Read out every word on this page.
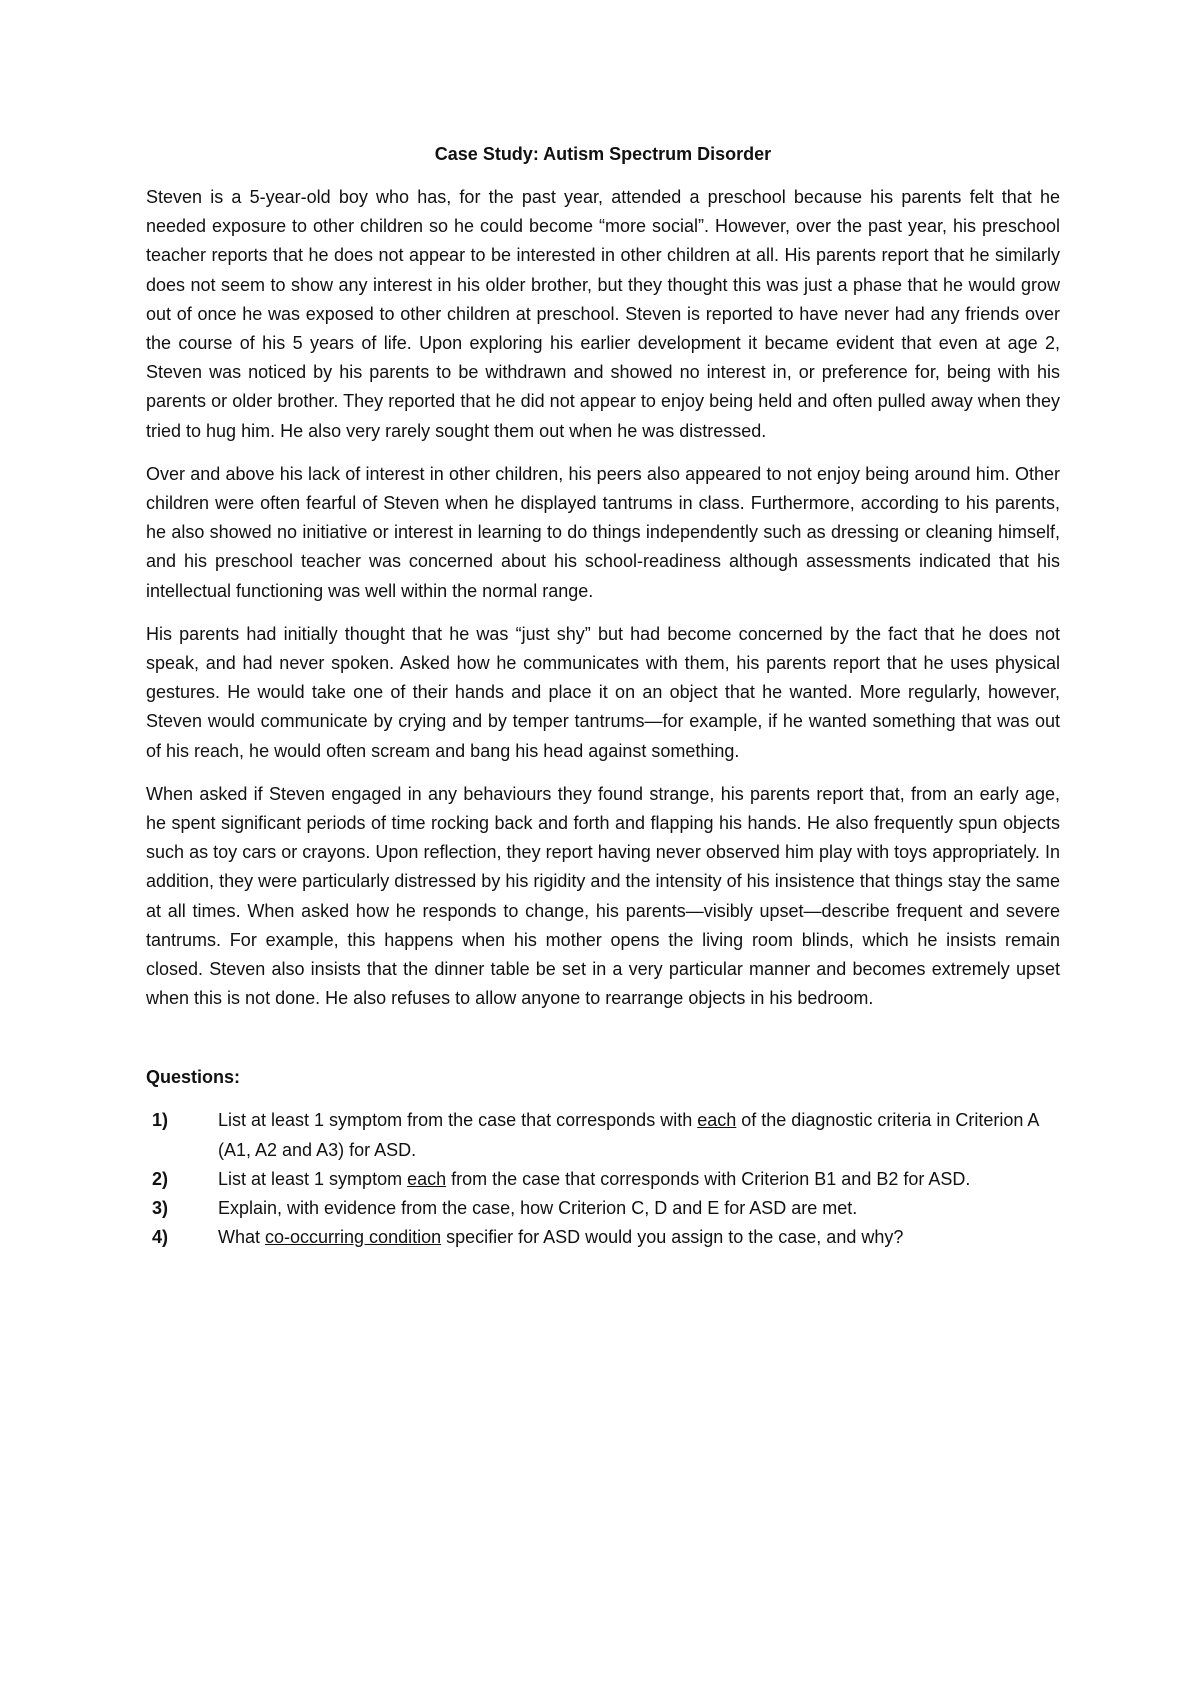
Case Study: Autism Spectrum Disorder

Steven is a 5-year-old boy who has, for the past year, attended a preschool because his parents felt that he needed exposure to other children so he could become “more social”. However, over the past year, his preschool teacher reports that he does not appear to be interested in other children at all. His parents report that he similarly does not seem to show any interest in his older brother, but they thought this was just a phase that he would grow out of once he was exposed to other children at preschool. Steven is reported to have never had any friends over the course of his 5 years of life. Upon exploring his earlier development it became evident that even at age 2, Steven was noticed by his parents to be withdrawn and showed no interest in, or preference for, being with his parents or older brother. They reported that he did not appear to enjoy being held and often pulled away when they tried to hug him. He also very rarely sought them out when he was distressed.

Over and above his lack of interest in other children, his peers also appeared to not enjoy being around him. Other children were often fearful of Steven when he displayed tantrums in class. Furthermore, according to his parents, he also showed no initiative or interest in learning to do things independently such as dressing or cleaning himself, and his preschool teacher was concerned about his school-readiness although assessments indicated that his intellectual functioning was well within the normal range.

His parents had initially thought that he was “just shy” but had become concerned by the fact that he does not speak, and had never spoken. Asked how he communicates with them, his parents report that he uses physical gestures. He would take one of their hands and place it on an object that he wanted. More regularly, however, Steven would communicate by crying and by temper tantrums—for example, if he wanted something that was out of his reach, he would often scream and bang his head against something.

When asked if Steven engaged in any behaviours they found strange, his parents report that, from an early age, he spent significant periods of time rocking back and forth and flapping his hands. He also frequently spun objects such as toy cars or crayons. Upon reflection, they report having never observed him play with toys appropriately. In addition, they were particularly distressed by his rigidity and the intensity of his insistence that things stay the same at all times. When asked how he responds to change, his parents—visibly upset—describe frequent and severe tantrums. For example, this happens when his mother opens the living room blinds, which he insists remain closed. Steven also insists that the dinner table be set in a very particular manner and becomes extremely upset when this is not done. He also refuses to allow anyone to rearrange objects in his bedroom.

Questions:
1)	List at least 1 symptom from the case that corresponds with each of the diagnostic criteria in Criterion A (A1, A2 and A3) for ASD.
2)	List at least 1 symptom each from the case that corresponds with Criterion B1 and B2 for ASD.
3)	Explain, with evidence from the case, how Criterion C, D and E for ASD are met.
4)	What co-occurring condition specifier for ASD would you assign to the case, and why?
